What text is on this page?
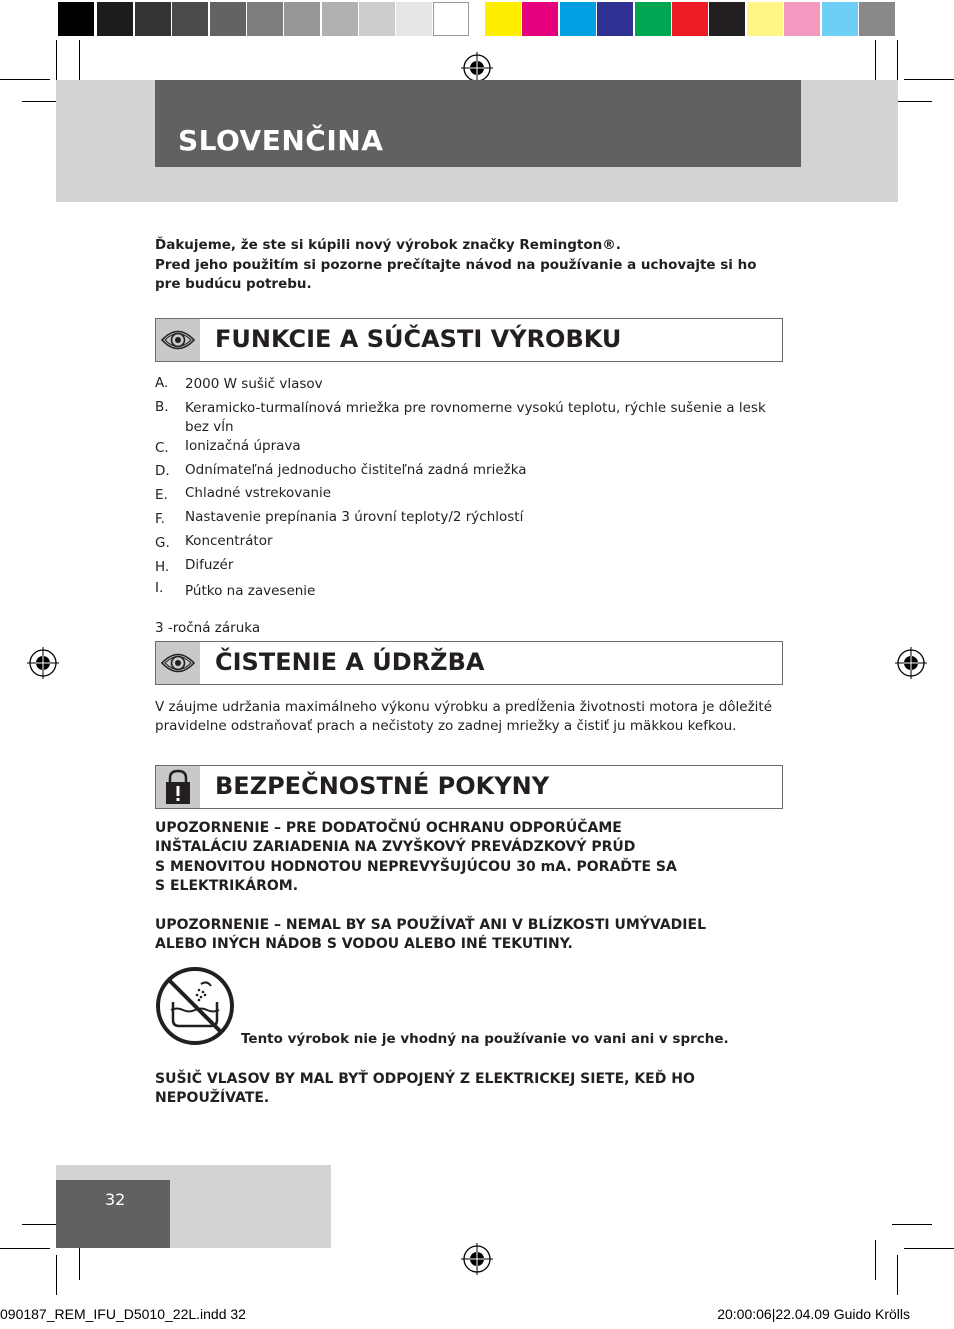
SLOVENČINA
Ďakujeme, že ste si kúpili nový výrobok značky Remington®.
Pred jeho použitím si pozorne prečítajte návod na používanie a uchovajte si ho
pre budúcu potrebu.
FUNKCIE A SÚČASTI VÝROBKU
A. 2000 W sušič vlasov
B. Keramicko-turmalínová mriežka pre rovnomerne vysokú teplotu, rýchle sušenie a lesk bez vĺn
C. Ionizačná úprava
D. Odnímateľná jednoducho čistiteľná zadná mriežka
E. Chladné vstrekovanie
F. Nastavenie prepínania 3 úrovní teploty/2 rýchlostí
G. Koncentrátor
H. Difuzér
I. Pútko na zavesenie
3 -ročná záruka
ČISTENIE A ÚDRŽBA
V záujme udržania maximálneho výkonu výrobku a predĺženia životnosti motora je dôležité
pravidelne odstraňovať prach a nečistoty zo zadnej mriežky a čistiť ju mäkkou kefkou.
BEZPEČNOSTNÉ POKYNY
UPOZORNENIE – PRE DODATOČNÚ OCHRANU ODPORÚČAME
INŠTALÁCIU ZARIADENIA NA ZVYŠKOVÝ PREVÁDZKOVÝ PRÚD
S MENOVITOU HODNOTOU NEPREVYŠUJÚCOU 30 mA. PORAĎTE SA
S ELEKTRIKÁROM.
UPOZORNENIE – NEMAL BY SA POUŽÍVAŤ ANI V BLÍZKOSTI UMÝVADIEL
ALEBO INÝCH NÁDOB S VODOU ALEBO INÉ TEKUTINY.
Tento výrobok nie je vhodný na používanie vo vani ani v sprche.
SUŠIČ VLASOV BY MAL BYŤ ODPOJENÝ Z ELEKTRICKEJ SIETE, KEĎ HO
NEPOUŽÍVATE.
32
090187_REM_IFU_D5010_22L.indd 32	20:00:06|22.04.09 Guido Krölls
